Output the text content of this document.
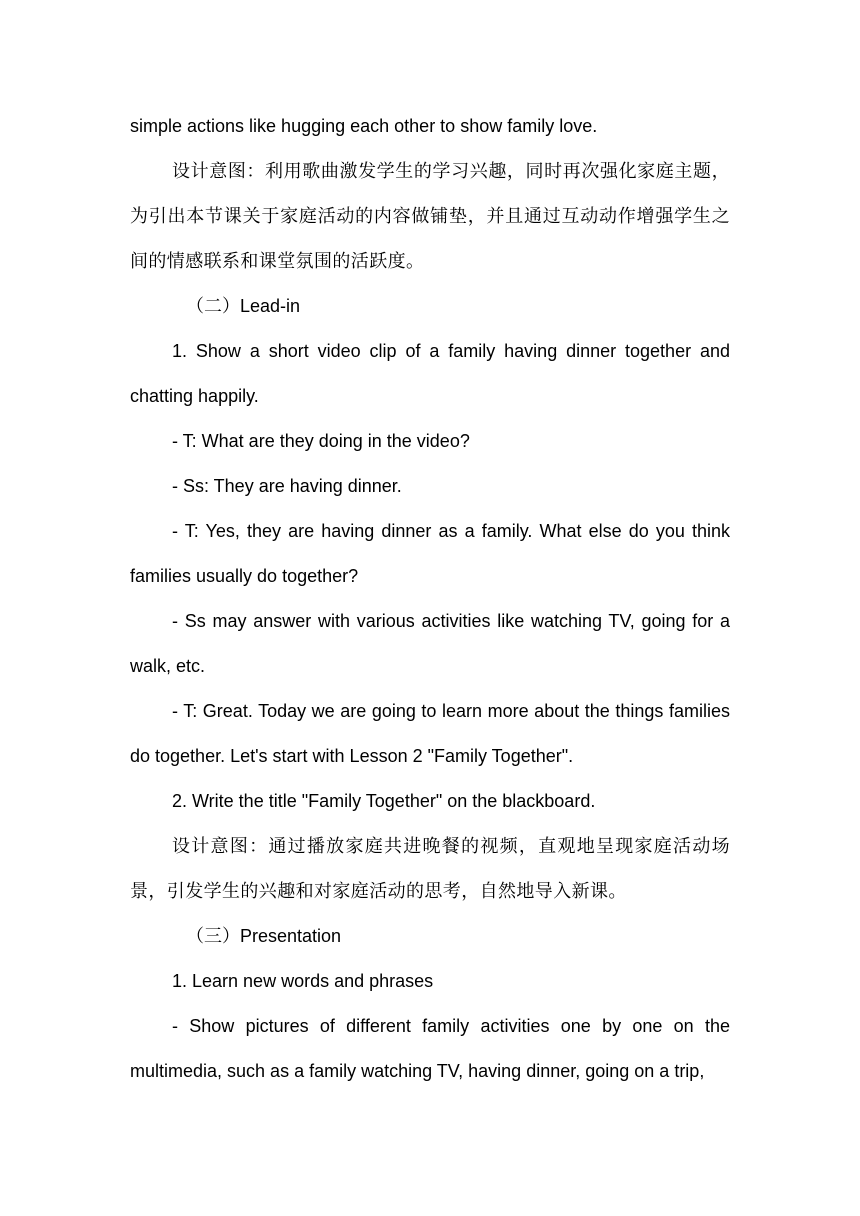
simple actions like hugging each other to show family love.

设计意图：利用歌曲激发学生的学习兴趣，同时再次强化家庭主题，为引出本节课关于家庭活动的内容做铺垫，并且通过互动动作增强学生之间的情感联系和课堂氛围的活跃度。

（二）Lead-in

1. Show a short video clip of a family having dinner together and chatting happily.

- T: What are they doing in the video?

- Ss: They are having dinner.

- T: Yes, they are having dinner as a family. What else do you think families usually do together?

- Ss may answer with various activities like watching TV, going for a walk, etc.

- T: Great. Today we are going to learn more about the things families do together. Let's start with Lesson 2 "Family Together".

2. Write the title "Family Together" on the blackboard.

设计意图：通过播放家庭共进晚餐的视频，直观地呈现家庭活动场景，引发学生的兴趣和对家庭活动的思考，自然地导入新课。

（三）Presentation

1. Learn new words and phrases

- Show pictures of different family activities one by one on the multimedia, such as a family watching TV, having dinner, going on a trip,
